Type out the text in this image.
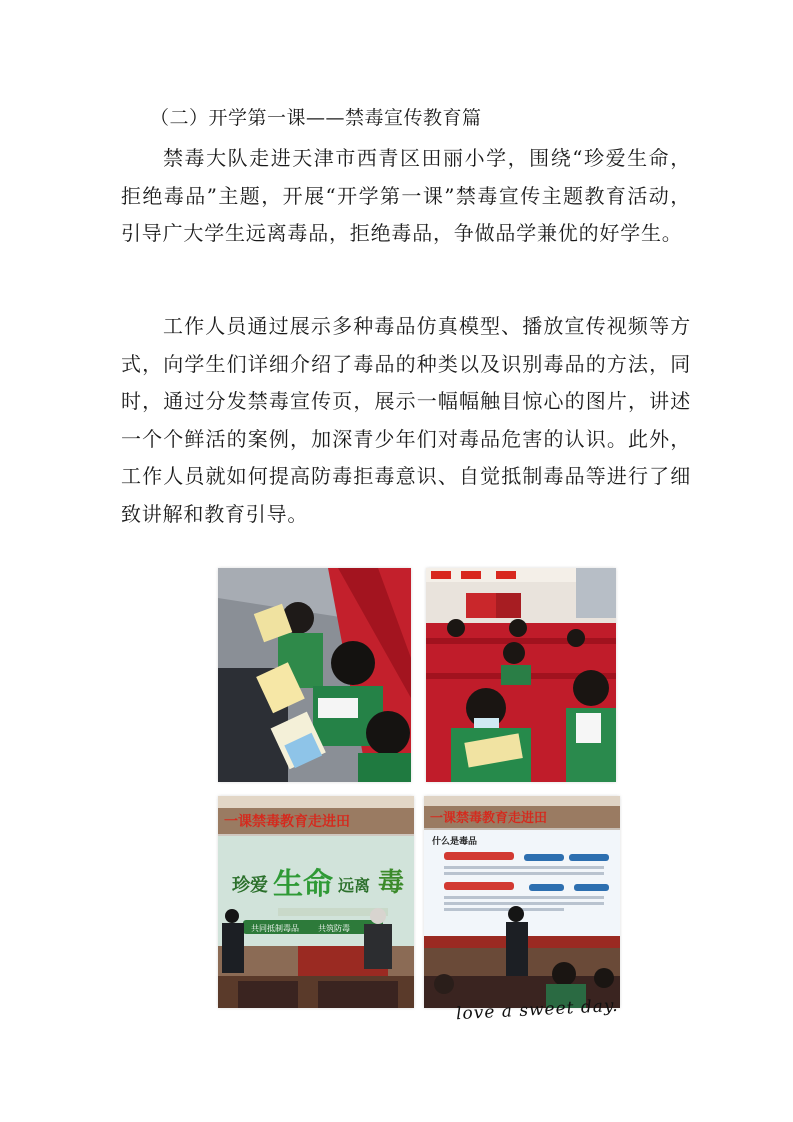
（二）开学第一课——禁毒宣传教育篇

禁毒大队走进天津市西青区田丽小学，围绕“珍爱生命，拒绝毒品”主题，开展“开学第一课”禁毒宣传主题教育活动，引导广大学生远离毒品，拒绝毒品，争做品学兼优的好学生。

工作人员通过展示多种毒品仿真模型、播放宣传视频等方式，向学生们详细介绍了毒品的种类以及识别毒品的方法，同时，通过分发禁毒宣传页，展示一幅幅触目惊心的图片，讲述一个个鲜活的案例，加深青少年们对毒品危害的认识。此外，工作人员就如何提高防毒拒毒意识、自觉抵制毒品等进行了细致讲解和教育引导。

一课禁毒教育走进田
珍爱 生命 远离 毒
共同抵制毒品 共筑防毒
一课禁毒教育走进田
什么是毒品
love a sweet day.
